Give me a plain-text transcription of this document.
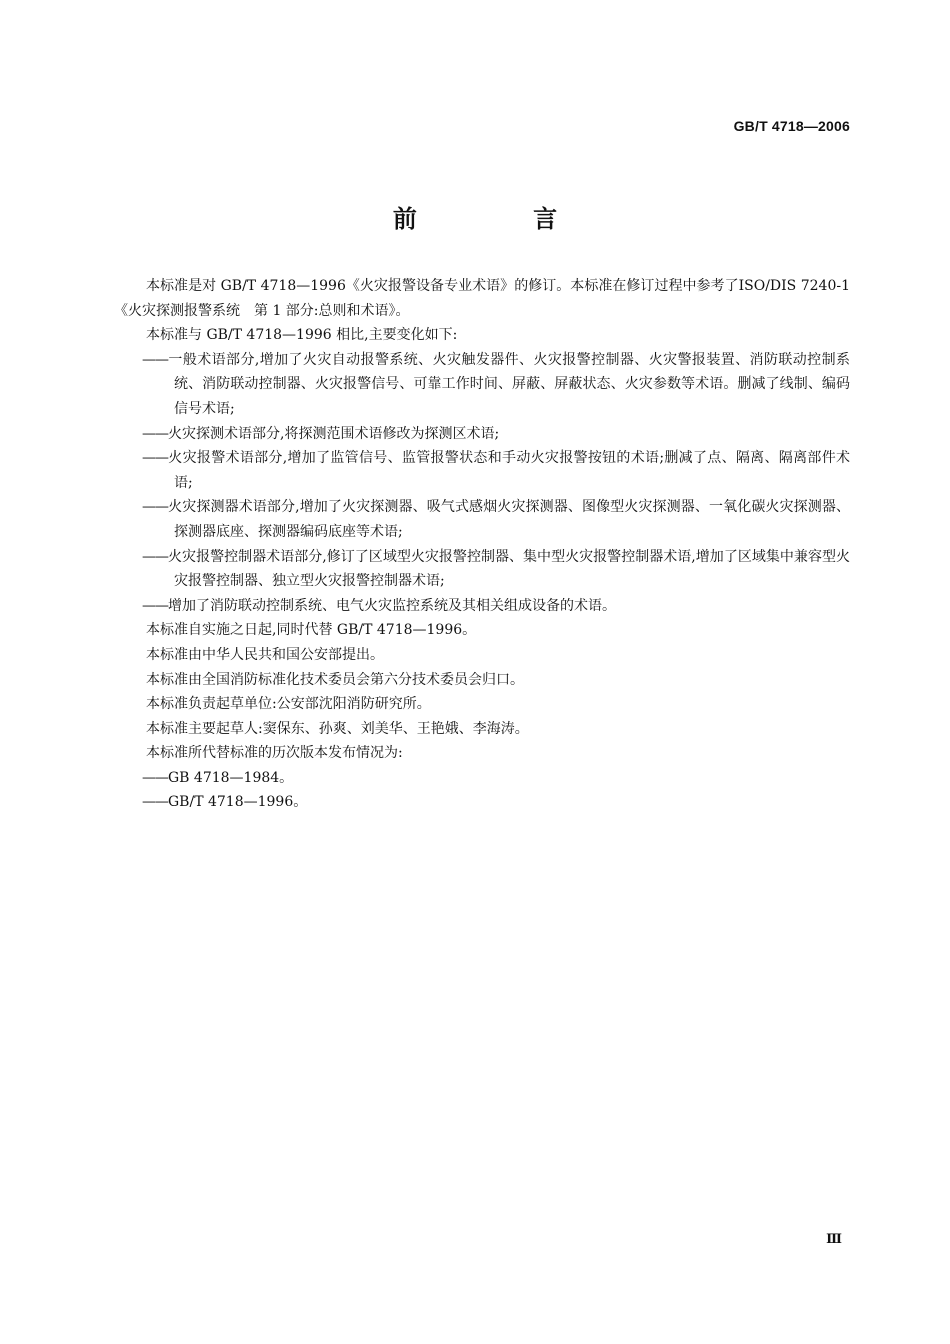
GB/T 4718—2006
前 言

本标准是对 GB/T 4718—1996《火灾报警设备专业术语》的修订。本标准在修订过程中参考了ISO/DIS 7240-1《火灾探测报警系统　第 1 部分:总则和术语》。

本标准与 GB/T 4718—1996 相比,主要变化如下:

——一般术语部分,增加了火灾自动报警系统、火灾触发器件、火灾报警控制器、火灾警报装置、消防联动控制系统、消防联动控制器、火灾报警信号、可靠工作时间、屏蔽、屏蔽状态、火灾参数等术语。删减了线制、编码信号术语;

——火灾探测术语部分,将探测范围术语修改为探测区术语;

——火灾报警术语部分,增加了监管信号、监管报警状态和手动火灾报警按钮的术语;删减了点、隔离、隔离部件术语;

——火灾探测器术语部分,增加了火灾探测器、吸气式感烟火灾探测器、图像型火灾探测器、一氧化碳火灾探测器、探测器底座、探测器编码底座等术语;

——火灾报警控制器术语部分,修订了区域型火灾报警控制器、集中型火灾报警控制器术语,增加了区域集中兼容型火灾报警控制器、独立型火灾报警控制器术语;

——增加了消防联动控制系统、电气火灾监控系统及其相关组成设备的术语。

本标准自实施之日起,同时代替 GB/T 4718—1996。

本标准由中华人民共和国公安部提出。

本标准由全国消防标准化技术委员会第六分技术委员会归口。

本标准负责起草单位:公安部沈阳消防研究所。

本标准主要起草人:窦保东、孙爽、刘美华、王艳娥、李海涛。

本标准所代替标准的历次版本发布情况为:

——GB 4718—1984。

——GB/T 4718—1996。

Ⅲ
